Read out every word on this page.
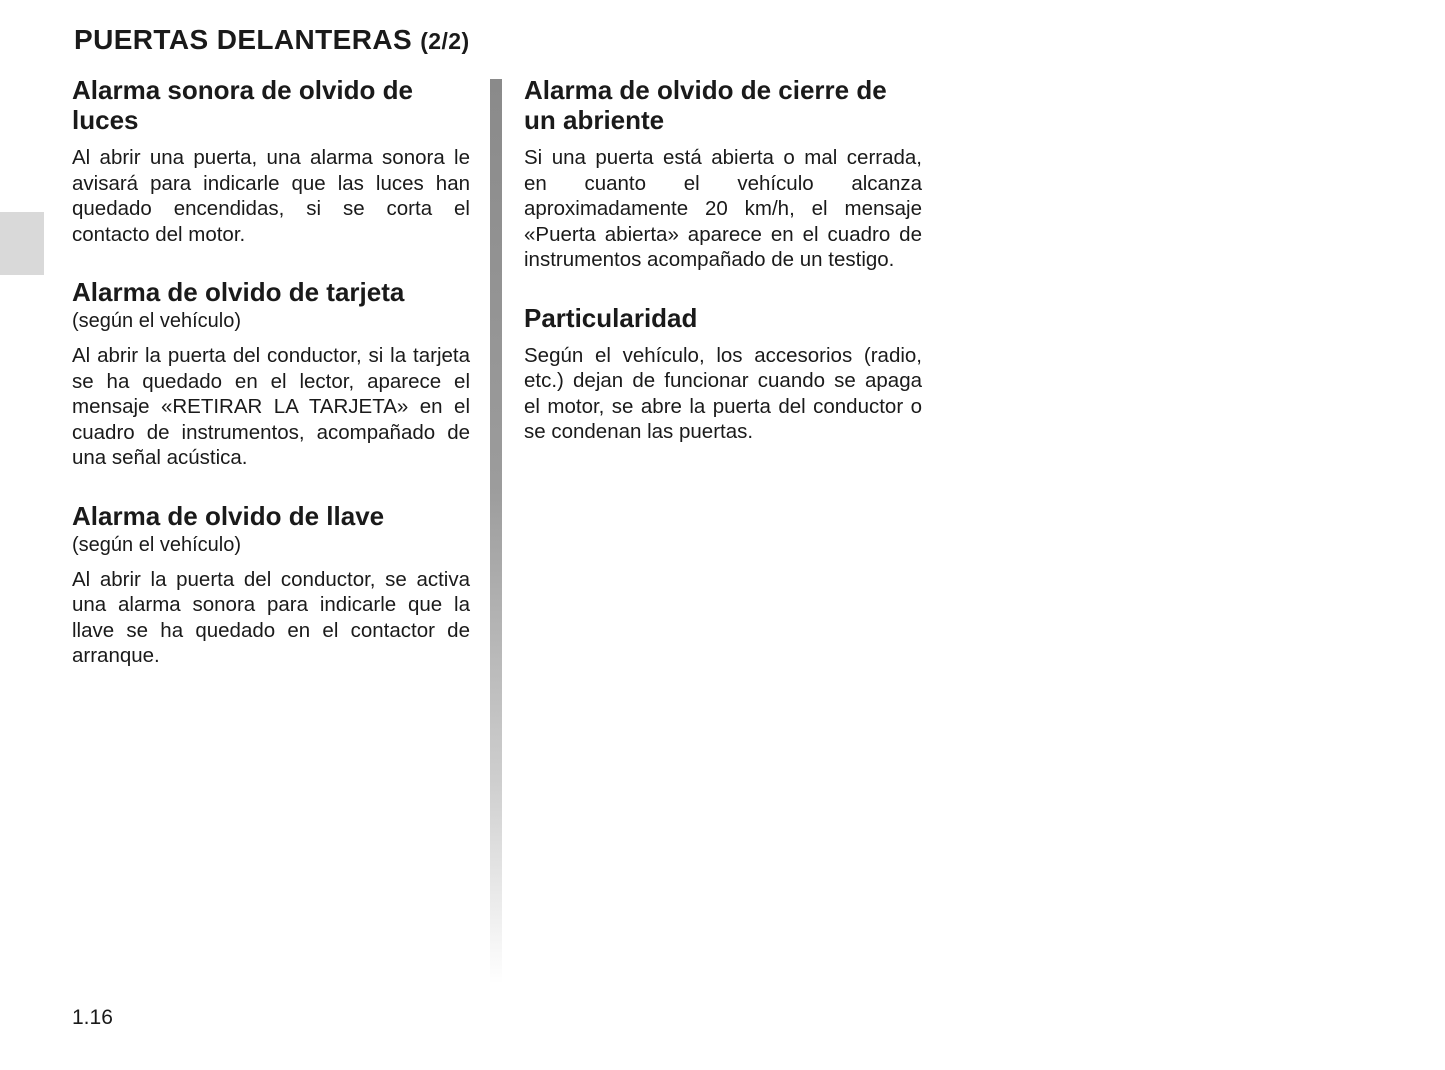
PUERTAS DELANTERAS (2/2)
Alarma sonora de olvido de luces

Al abrir una puerta, una alarma sonora le avisará para indicarle que las luces han quedado encendidas, si se corta el contacto del motor.

Alarma de olvido de tarjeta

(según el vehículo)

Al abrir la puerta del conductor, si la tarjeta se ha quedado en el lector, aparece el mensaje «RETIRAR LA TARJETA» en el cuadro de instrumentos, acompañado de una señal acústica.

Alarma de olvido de llave

(según el vehículo)

Al abrir la puerta del conductor, se activa una alarma sonora para indicarle que la llave se ha quedado en el contactor de arranque.

Alarma de olvido de cierre de un abriente

Si una puerta está abierta o mal cerrada, en cuanto el vehículo alcanza aproximadamente 20 km/h, el mensaje «Puerta abierta» aparece en el cuadro de instrumentos acompañado de un testigo.

Particularidad

Según el vehículo, los accesorios (radio, etc.) dejan de funcionar cuando se apaga el motor, se abre la puerta del conductor o se condenan las puertas.

1.16
